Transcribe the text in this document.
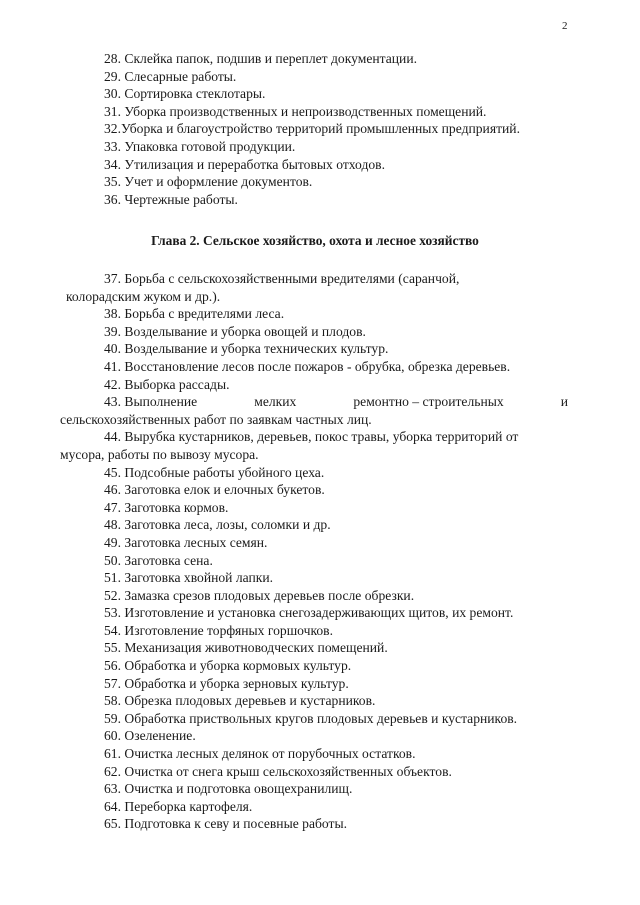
2
28. Склейка папок, подшив и переплет документации.
29. Слесарные работы.
30. Сортировка стеклотары.
31. Уборка производственных и непроизводственных помещений.
32.Уборка и благоустройство территорий промышленных предприятий.
33. Упаковка готовой продукции.
34. Утилизация и переработка бытовых отходов.
35. Учет и оформление документов.
36. Чертежные работы.
Глава 2. Сельское хозяйство, охота и лесное хозяйство
37. Борьба с сельскохозяйственными вредителями (саранчой,
колорадским жуком и др.).
38. Борьба с вредителями леса.
39. Возделывание и уборка овощей и плодов.
40. Возделывание и уборка технических культур.
41. Восстановление лесов после пожаров - обрубка, обрезка деревьев.
42. Выборка рассады.
43. Выполнение	мелких	ремонтно – строительных	и
сельскохозяйственных работ по заявкам частных лиц.
44. Вырубка кустарников, деревьев, покос травы, уборка территорий от
мусора, работы по вывозу мусора.
45. Подсобные работы убойного цеха.
46. Заготовка елок и елочных букетов.
47. Заготовка кормов.
48. Заготовка леса, лозы, соломки и др.
49. Заготовка лесных семян.
50. Заготовка сена.
51. Заготовка хвойной лапки.
52. Замазка срезов плодовых деревьев после обрезки.
53. Изготовление и установка снегозадерживающих щитов, их ремонт.
54. Изготовление торфяных горшочков.
55. Механизация животноводческих помещений.
56. Обработка и уборка кормовых культур.
57. Обработка и уборка зерновых культур.
58. Обрезка плодовых деревьев и кустарников.
59. Обработка приствольных кругов плодовых деревьев и кустарников.
60. Озеленение.
61. Очистка лесных делянок от порубочных остатков.
62. Очистка от снега крыш сельскохозяйственных объектов.
63. Очистка и подготовка овощехранилищ.
64. Переборка картофеля.
65. Подготовка к севу и посевные работы.
